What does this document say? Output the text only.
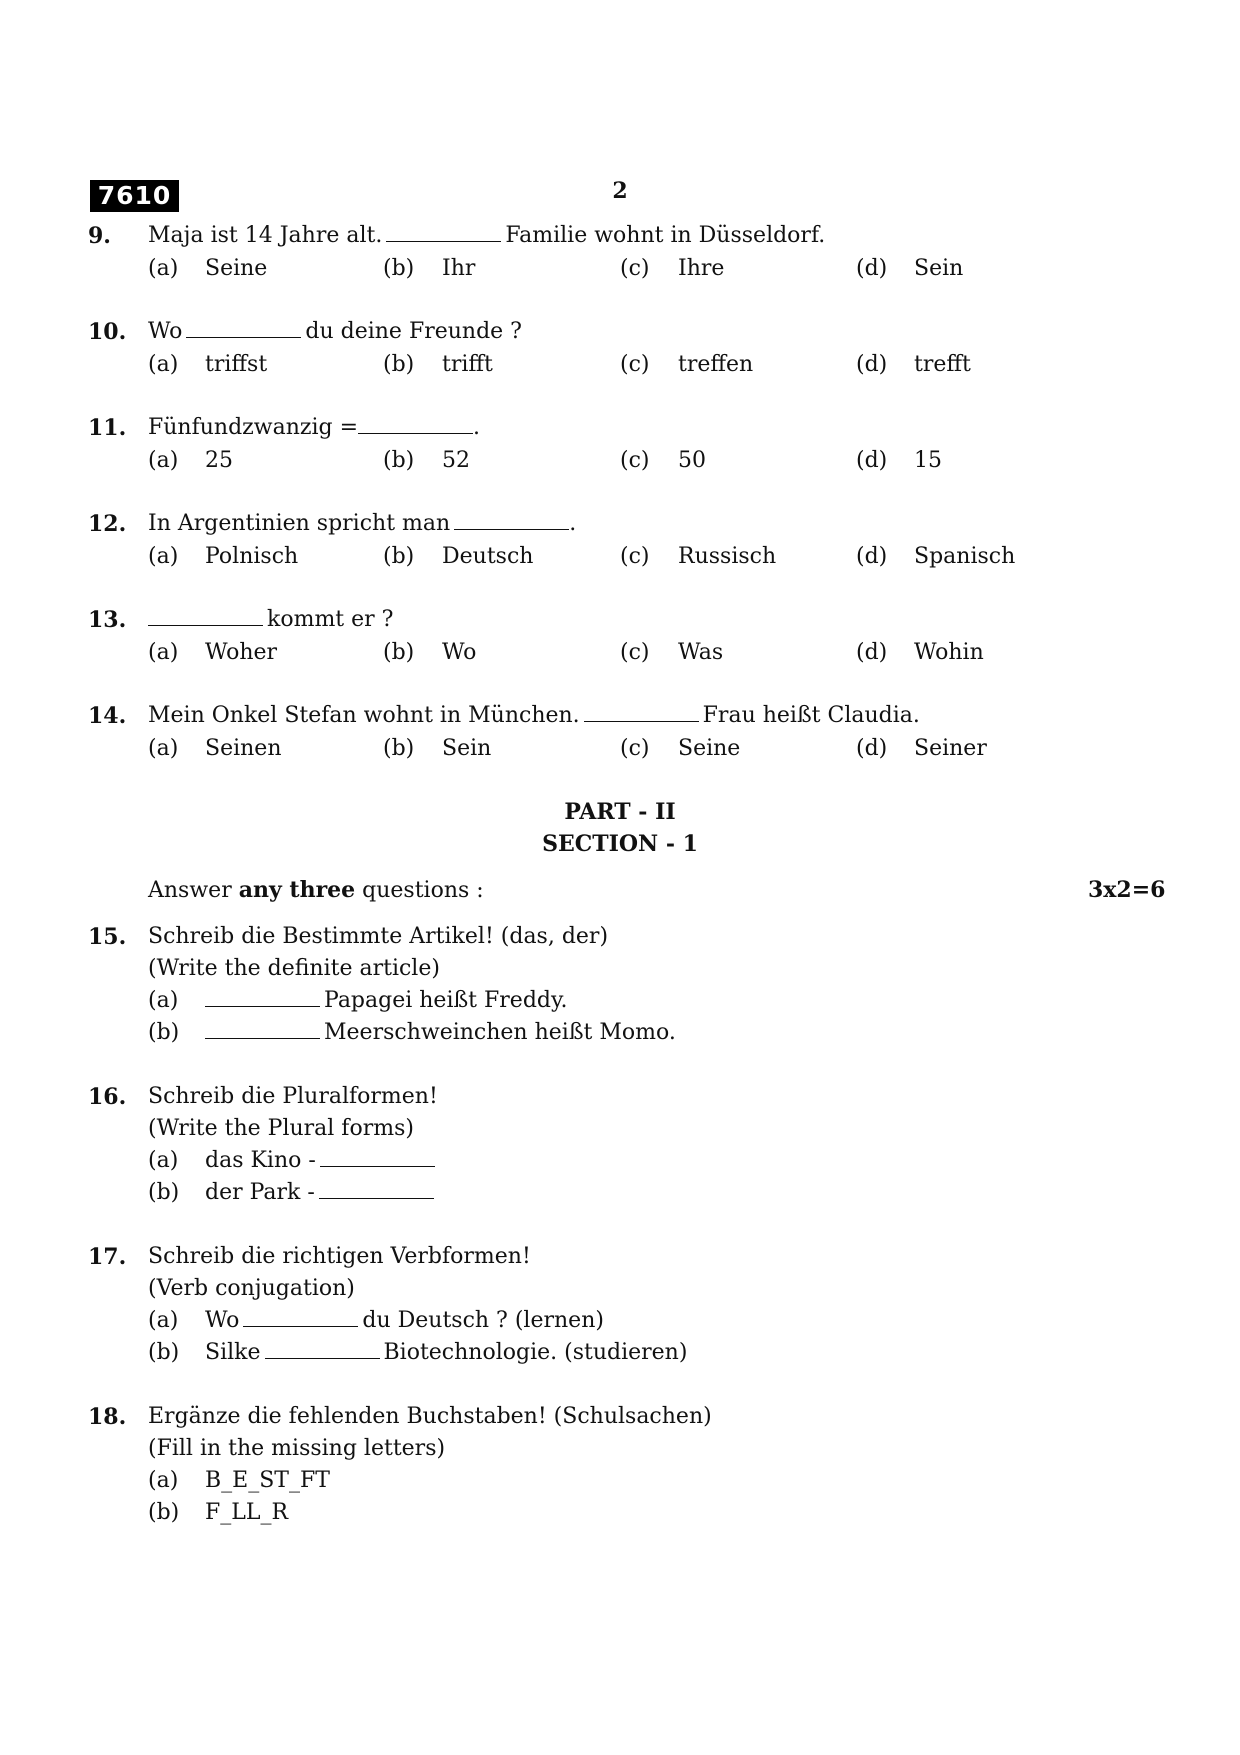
7610	2
9. Maja ist 14 Jahre alt.	Familie wohnt in Düsseldorf.
(a) Seine	(b) Ihr	(c) Ihre	(d) Sein
10. Wo	du deine Freunde ?
(a) triffst	(b) trifft	(c) treffen	(d) trefft
11. Fünfundzwanzig =	.
(a) 25	(b) 52	(c) 50	(d) 15
12. In Argentinien spricht man	.
(a) Polnisch	(b) Deutsch	(c) Russisch	(d) Spanisch
13.	kommt er ?
(a) Woher	(b) Wo	(c) Was	(d) Wohin
14. Mein Onkel Stefan wohnt in München.	Frau heißt Claudia.
(a) Seinen	(b) Sein	(c) Seine	(d) Seiner
PART - II
SECTION - 1
Answer any three questions :	3x2=6
15. Schreib die Bestimmte Artikel! (das, der)
(Write the definite article)
(a)	Papagei heißt Freddy.
(b)	Meerschweinchen heißt Momo.
16. Schreib die Pluralformen!
(Write the Plural forms)
(a) das Kino -
(b) der Park -
17. Schreib die richtigen Verbformen!
(Verb conjugation)
(a) Wo	du Deutsch ? (lernen)
(b) Silke	Biotechnologie. (studieren)
18. Ergänze die fehlenden Buchstaben! (Schulsachen)
(Fill in the missing letters)
(a) B_E_ST_FT
(b) F_LL_R
